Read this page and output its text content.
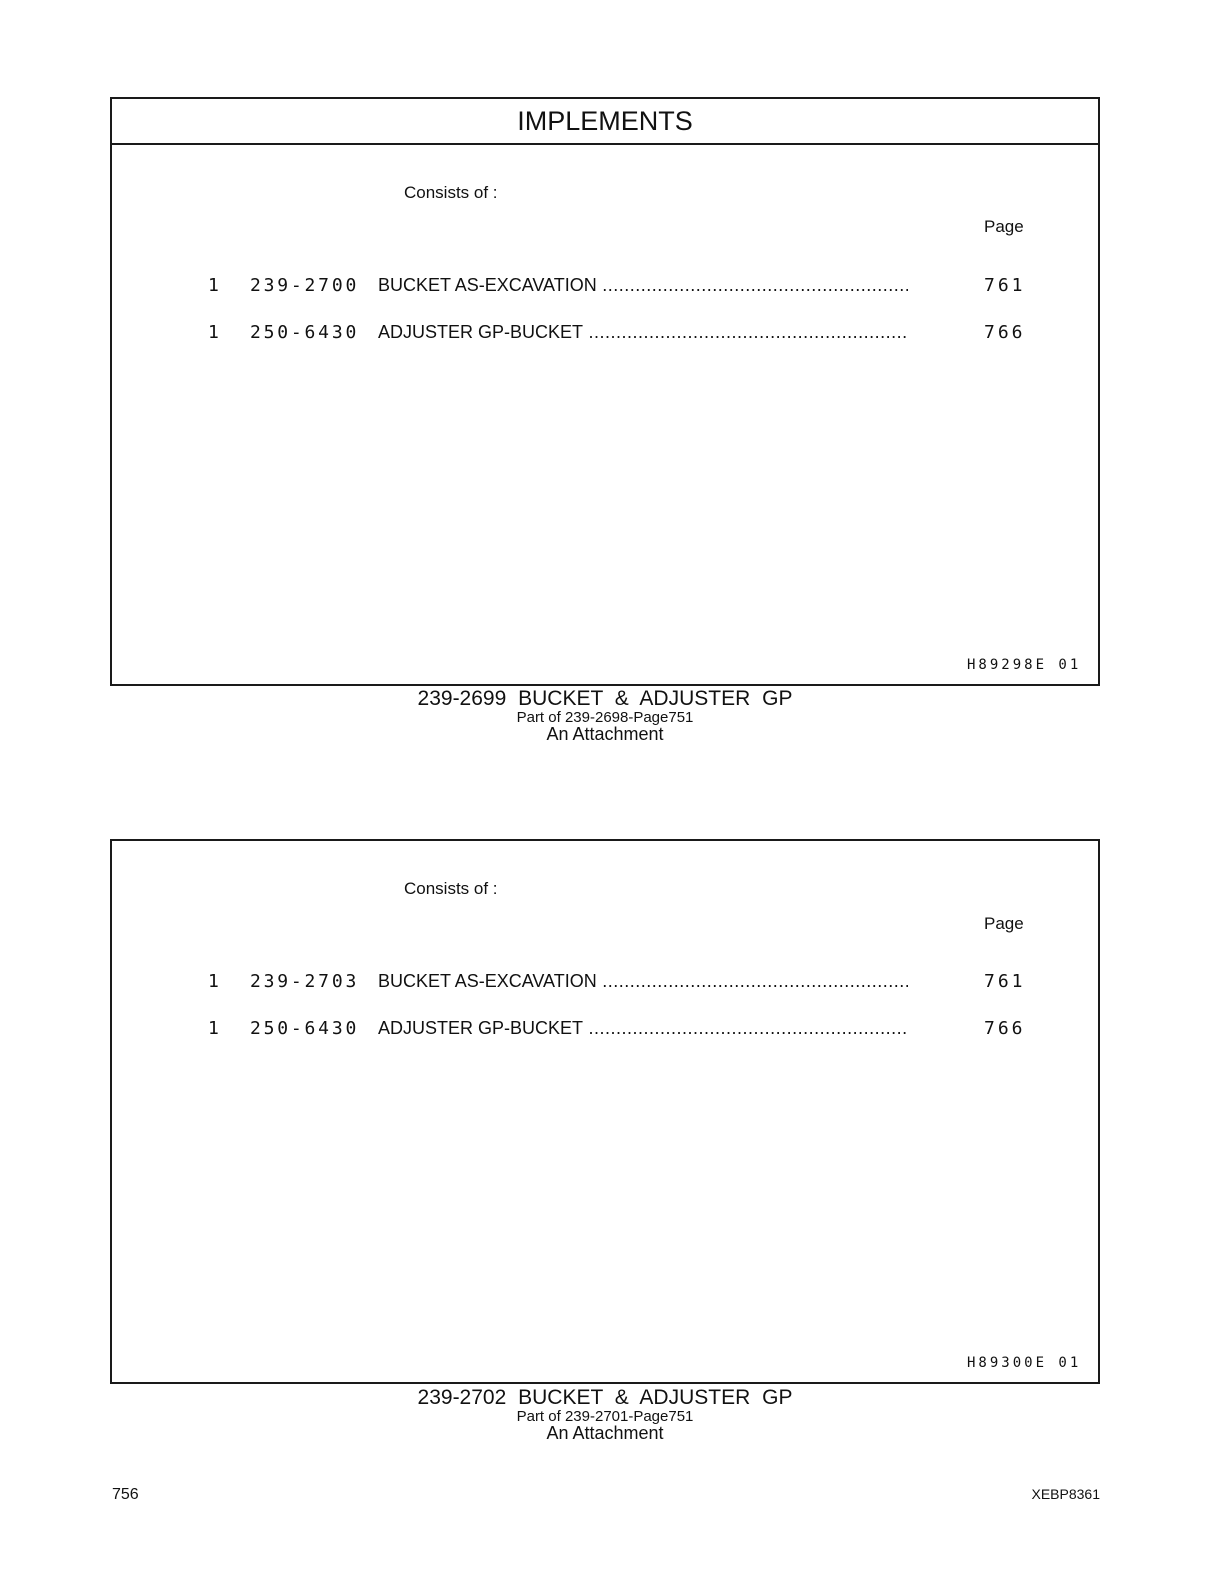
IMPLEMENTS
Consists of :
Page
1 239-2700 BUCKET AS-EXCAVATION .....	761
1 250-6430 ADJUSTER GP-BUCKET .....	766
H89298E 01
239-2699 BUCKET & ADJUSTER GP
Part of 239-2698-Page751
An Attachment
Consists of :
Page
1 239-2703 BUCKET AS-EXCAVATION .....	761
1 250-6430 ADJUSTER GP-BUCKET .....	766
H89300E 01
239-2702 BUCKET & ADJUSTER GP
Part of 239-2701-Page751
An Attachment
756	XEBP8361
